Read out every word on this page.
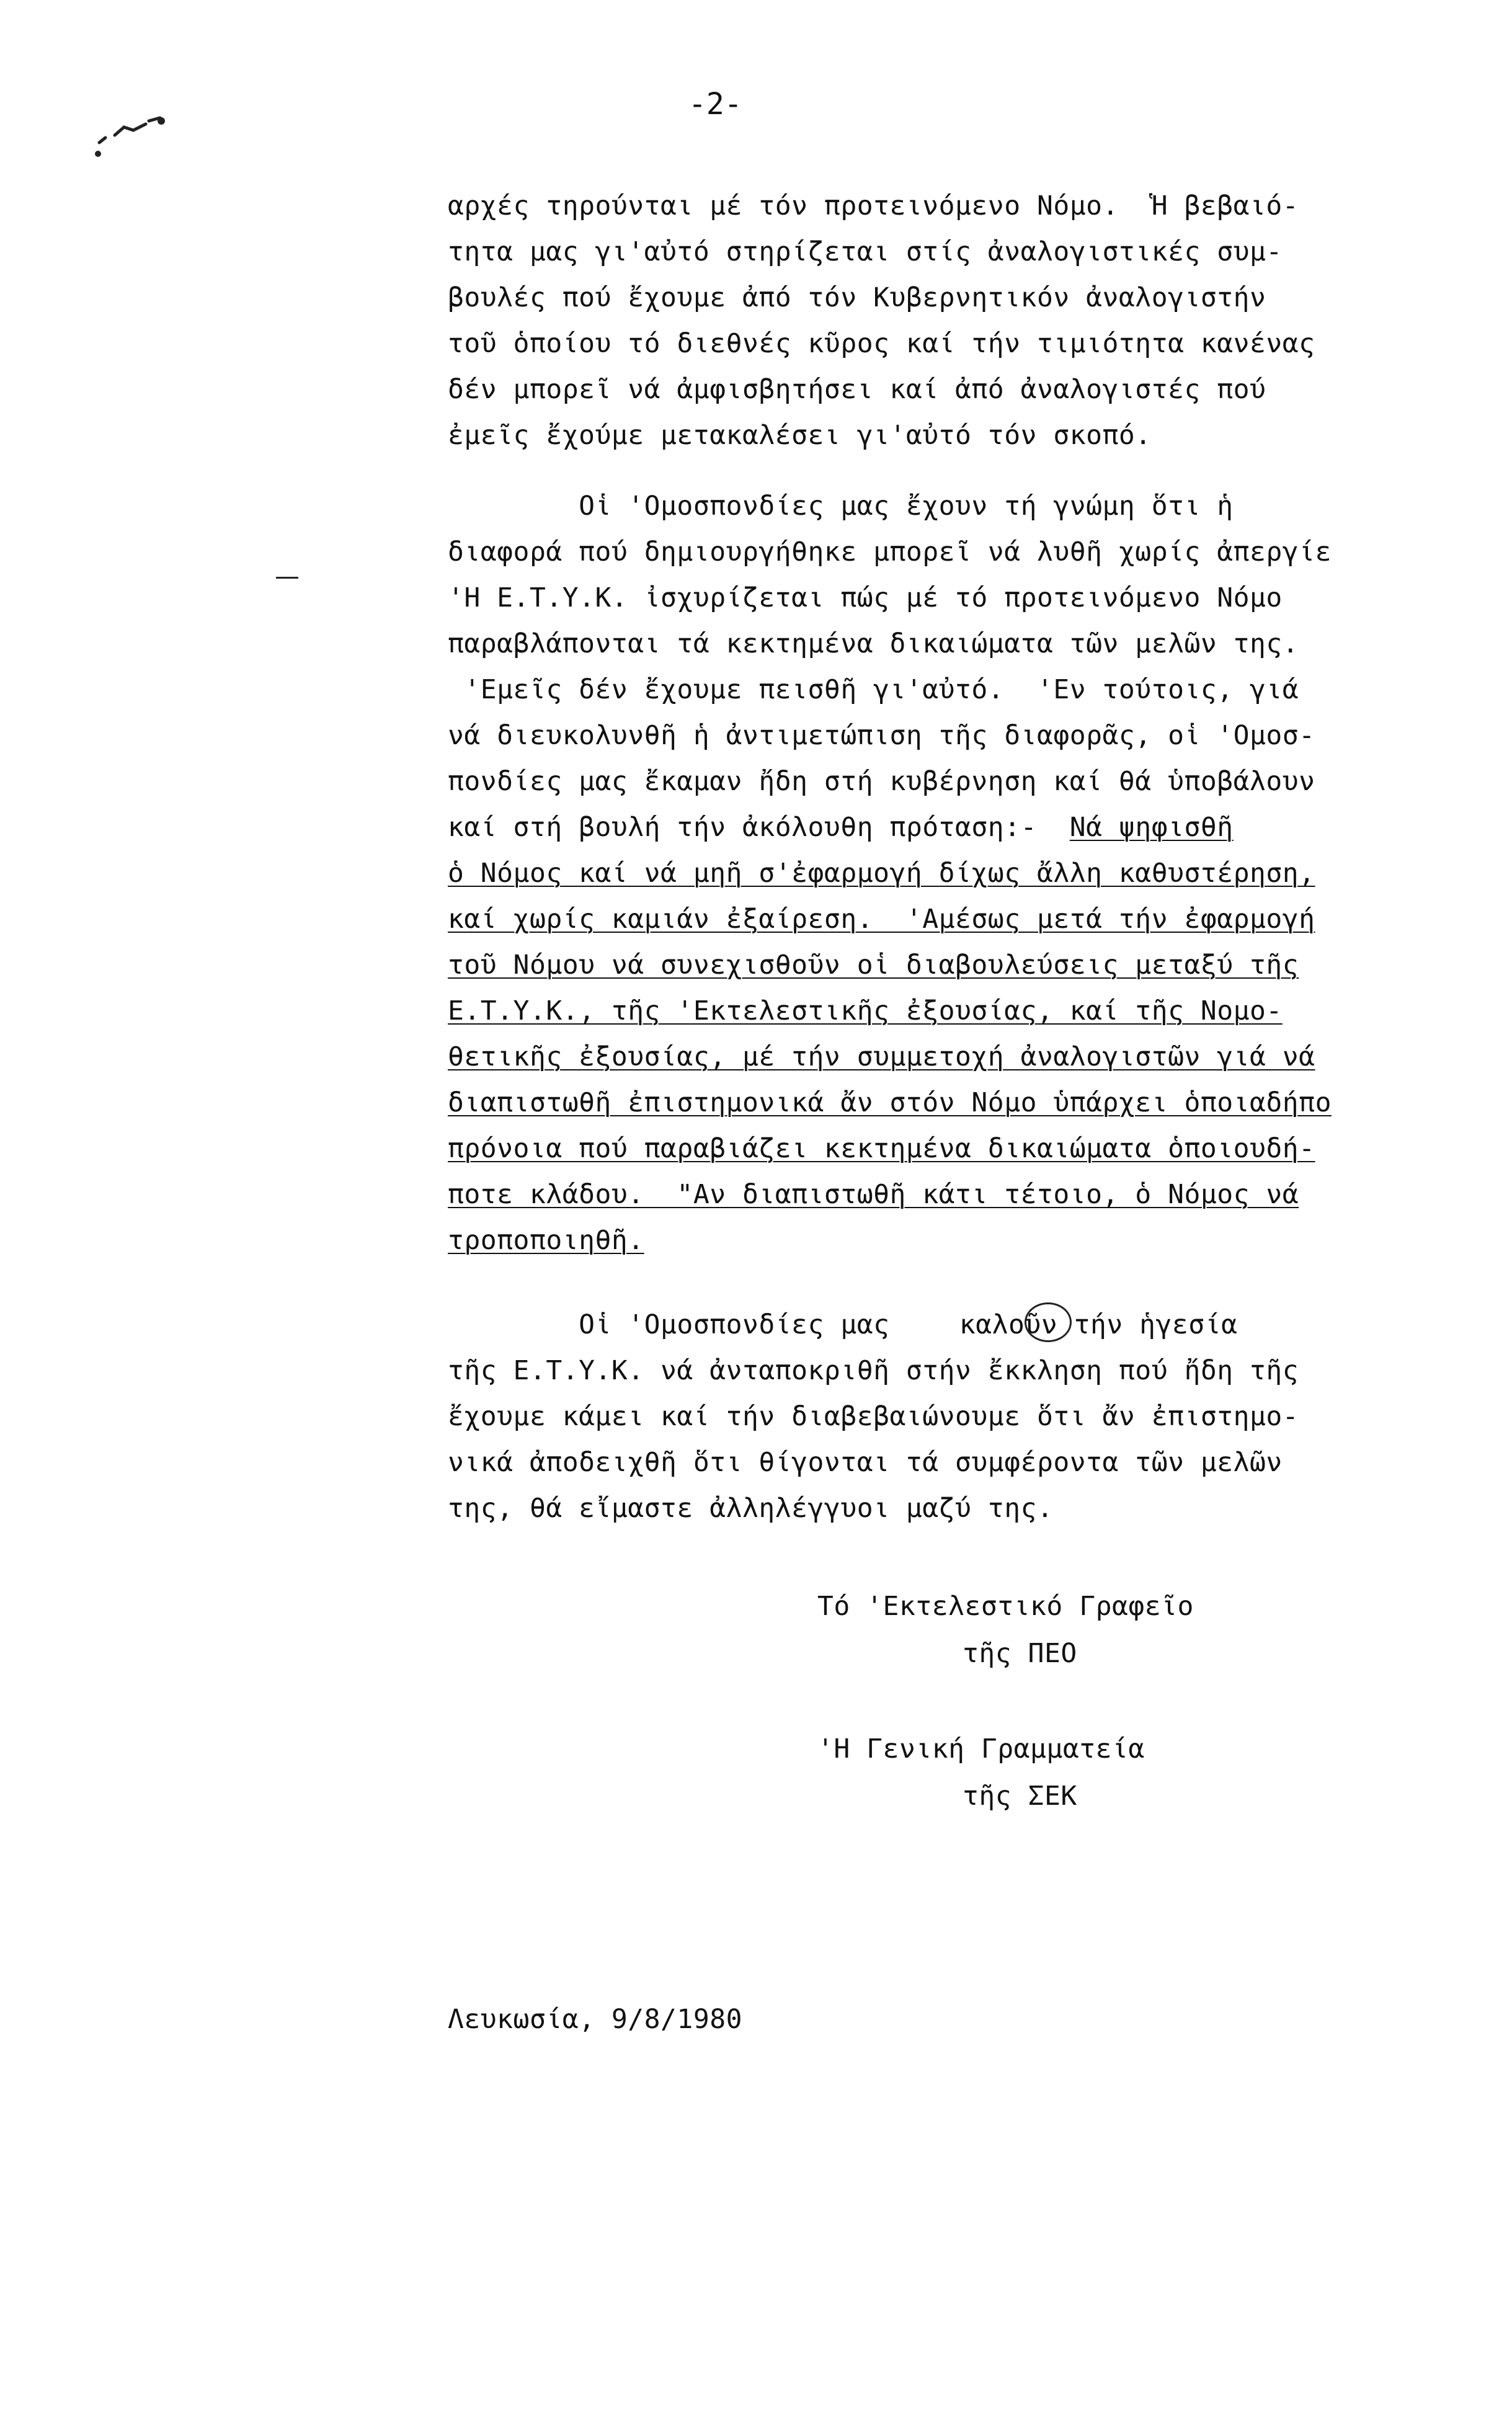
-2-
αρχές τηρούνται μέ τόν προτεινόμενο Νόμο.  Ἡ βεβαιό-
τητα μας γι'αὐτό στηρίζεται στίς ἀναλογιστικές συμ-
βουλές πού ἔχουμε ἀπό τόν Κυβερνητικόν ἀναλογιστήν
τοῦ ὁποίου τό διεθνές κῦρος καί τήν τιμιότητα κανένας
δέν μπορεῖ νά ἀμφισβητήσει καί ἀπό ἀναλογιστές πού
ἐμεῖς ἔχούμε μετακαλέσει γι'αὐτό τόν σκοπό.
Οἱ 'Ομοσπονδίες μας ἔχουν τή γνώμη ὅτι ἡ
διαφορά πού δημιουργήθηκε μπορεῖ νά λυθῆ χωρίς ἀπεργίε
'Η Ε.Τ.Υ.Κ. ἰσχυρίζεται πώς μέ τό προτεινόμενο Νόμο
παραβλάπονται τά κεκτημένα δικαιώματα τῶν μελῶν της.
'Εμεῖς δέν ἔχουμε πεισθῆ γι'αὐτό.  'Εν τούτοις, γιά
νά διευκολυνθῆ ἡ ἀντιμετώπιση τῆς διαφορᾶς, οἱ 'Ομοσ-
πονδίες μας ἔκαμαν ἤδη στή κυβέρνηση καί θά ὑποβάλουν
καί στή βουλή τήν ἀκόλουθη πρόταση:-  Νά ψηφισθῆ
ὁ Νόμος καί νά μηῆ σ'ἐφαρμογή δίχως ἄλλη καθυστέρηση,
καί χωρίς καμιάν ἐξαίρεση.  'Αμέσως μετά τήν ἐφαρμογή
τοῦ Νόμου νά συνεχισθοῦν οἱ διαβουλεύσεις μεταξύ τῆς
Ε.Τ.Υ.Κ., τῆς 'Εκτελεστικῆς ἐξουσίας, καί τῆς Νομο-
θετικῆς ἐξουσίας, μέ τήν συμμετοχή ἀναλογιστῶν γιά νά
διαπιστωθῆ ἐπιστημονικά ἄν στόν Νόμο ὑπάρχει ὁποιαδήπο
πρόνοια πού παραβιάζει κεκτημένα δικαιώματα ὁποιουδή-
ποτε κλάδου.  "Αν διαπιστωθῆ κάτι τέτοιο, ὁ Νόμος νά
τροποποιηθῆ.
Οἱ 'Ομοσπονδίες μας καλοῦν τήν ἡγεσία
τῆς Ε.Τ.Υ.Κ. νά ἀνταποκριθῆ στήν ἔκκληση πού ἤδη τῆς
ἔχουμε κάμει καί τήν διαβεβαιώνουμε ὅτι ἄν ἐπιστημο-
νικά ἀποδειχθῆ ὅτι θίγονται τά συμφέροντα τῶν μελῶν
της, θά εἴμαστε ἀλληλέγγυοι μαζύ της.
Τό 'Εκτελεστικό Γραφεῖο
τῆς ΠΕΟ
'Η Γενική Γραμματεία
τῆς ΣΕΚ
Λευκωσία, 9/8/1980
